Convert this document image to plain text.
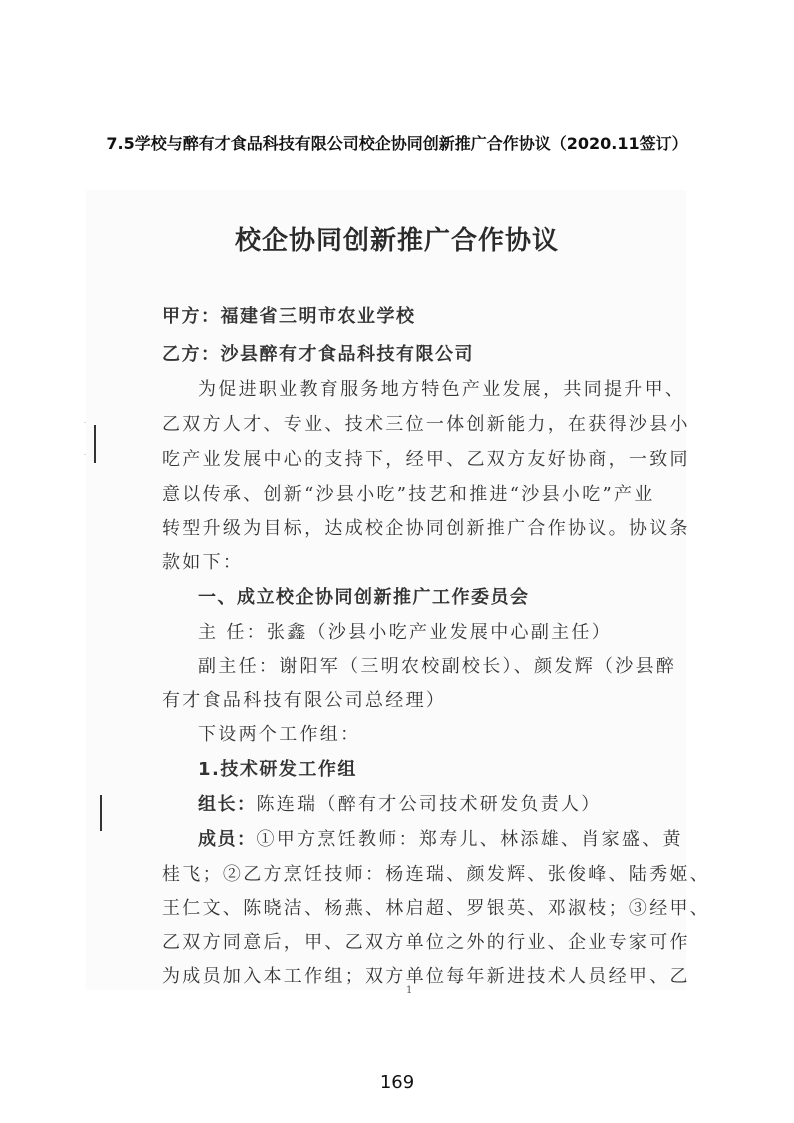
7.5学校与醉有才食品科技有限公司校企协同创新推广合作协议（2020.11签订）
·
·
校企协同创新推广合作协议
甲方：福建省三明市农业学校
乙方：沙县醉有才食品科技有限公司
为促进职业教育服务地方特色产业发展，共同提升甲、
乙双方人才、专业、技术三位一体创新能力，在获得沙县小
吃产业发展中心的支持下，经甲、乙双方友好协商，一致同
意以传承、创新“沙县小吃”技艺和推进“沙县小吃”产业
转型升级为目标，达成校企协同创新推广合作协议。协议条
款如下：
一、成立校企协同创新推广工作委员会
主 任：张鑫（沙县小吃产业发展中心副主任）
副主任：谢阳军（三明农校副校长）、颜发辉（沙县醉
有才食品科技有限公司总经理）
下设两个工作组：
1.技术研发工作组
组长：陈连瑞（醉有才公司技术研发负责人）
成员：①甲方烹饪教师：郑寿儿、林添雄、肖家盛、黄
桂飞；②乙方烹饪技师：杨连瑞、颜发辉、张俊峰、陆秀姬、
王仁文、陈晓洁、杨燕、林启超、罗银英、邓淑枝；③经甲、
乙双方同意后，甲、乙双方单位之外的行业、企业专家可作
为成员加入本工作组；双方单位每年新进技术人员经甲、乙
1
169
